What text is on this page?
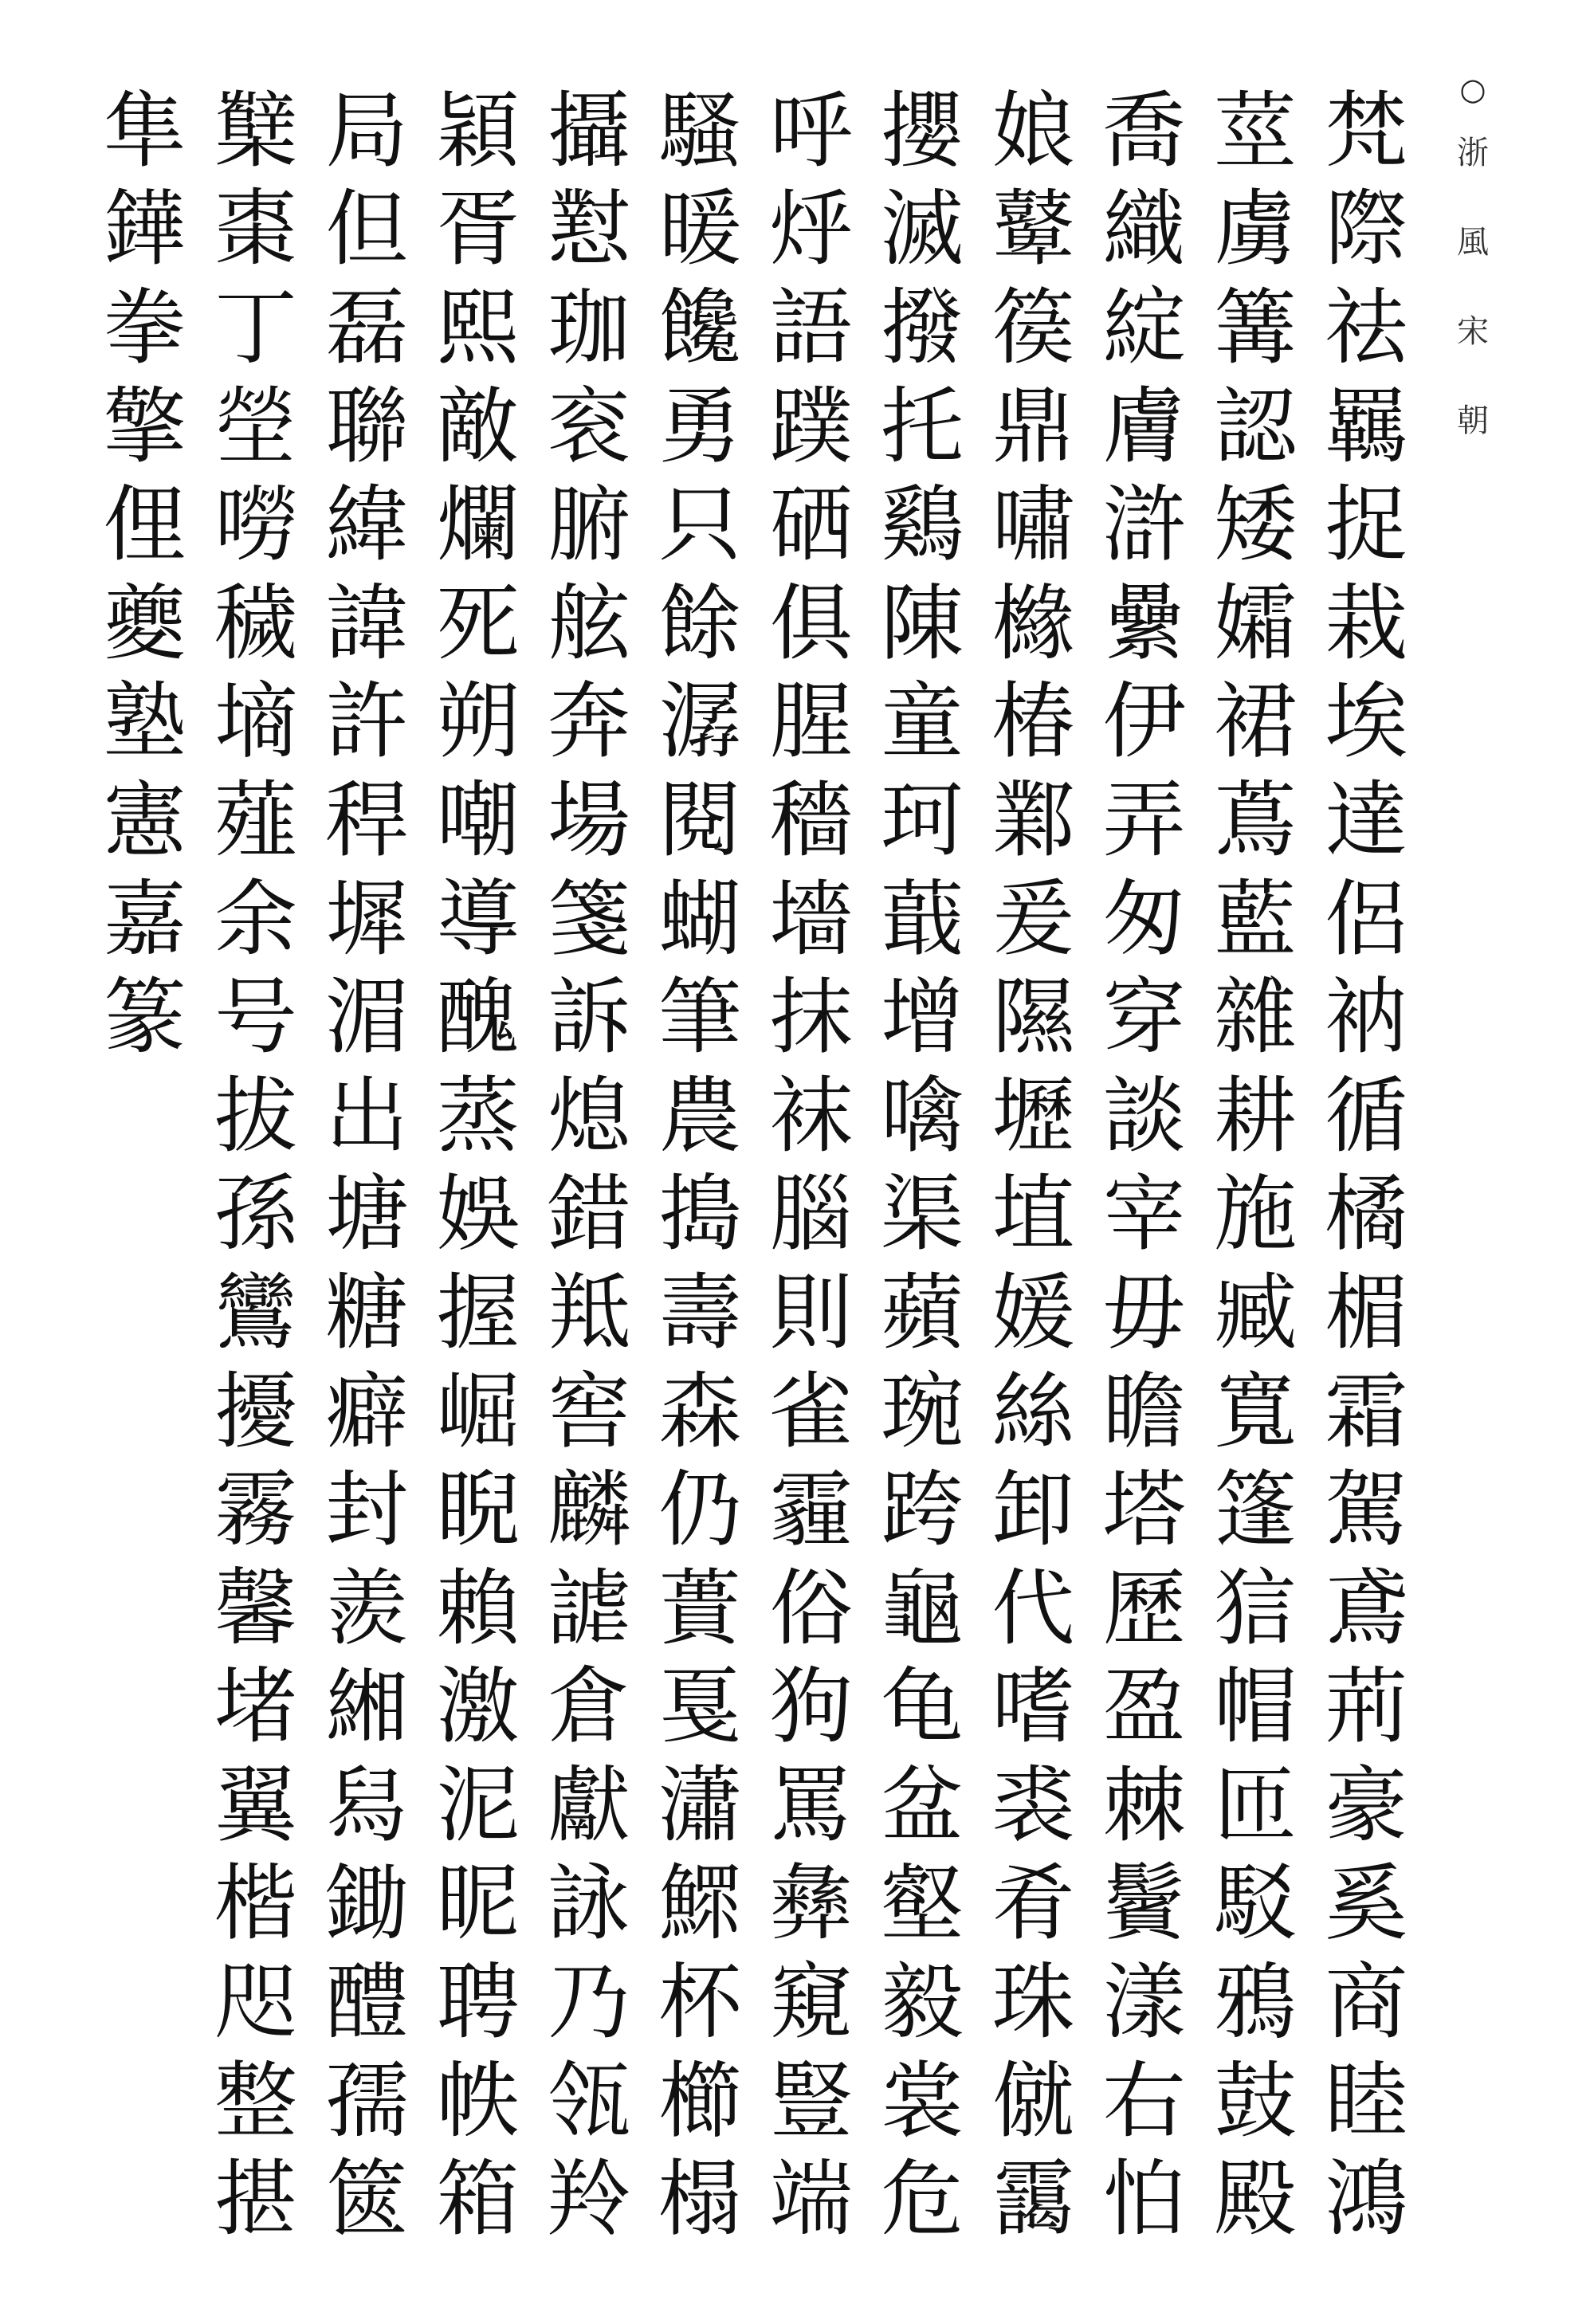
○
浙
風
宋
朝
梵
際
祛
羈
捉
栽
埃
達
侶
衲
循
橘
楣
霜
駕
鳶
荊
豪
奚
商
睦
鴻
莖
虜
篝
認
矮
孀
裙
蔦
藍
雜
耕
施
臧
寬
篷
狺
帽
匝
駁
鴉
鼓
殿
喬
織
綻
膚
滸
纍
伊
弄
匆
穿
談
宰
毋
瞻
塔
歷
盈
棘
鬢
漾
右
怕
娘
鼙
篌
鼎
嘯
櫞
椿
鄴
爰
隰
壢
埴
媛
絲
卸
代
嗜
裘
肴
珠
僦
靄
攖
滅
撥
托
鷄
陳
童
珂
蕺
增
噙
渠
蘋
琬
跨
龜
龟
盆
壑
毅
裳
危
呼
烀
語
蹼
硒
俱
腥
穡
墻
抹
袜
腦
則
雀
霾
俗
狗
罵
彝
窺
豎
端
騷
暖
饞
勇
只
餘
潺
閱
蝴
筆
農
搗
壽
森
仍
蕢
戛
瀟
鰥
杯
櫛
榻
攝
懟
珈
衮
腑
舷
奔
場
箋
訴
熄
錯
羝
窖
麟
謔
倉
獻
詠
乃
瓴
羚
穎
胥
熙
敵
爛
死
朔
嘲
導
醜
蒸
娛
握
崛
睨
賴
激
泥
昵
聘
帙
箱
局
但
磊
聯
緯
諱
許
稈
墀
湄
出
塘
糖
癖
封
羨
緗
舄
鋤
醴
孺
篋
櫱
棗
丁
塋
嘮
穢
墒
薤
余
号
拔
孫
鸞
擾
霧
馨
堵
翼
楷
咫
整
揕
隼
鏵
拳
擎
俚
夔
塾
憲
嘉
篆
